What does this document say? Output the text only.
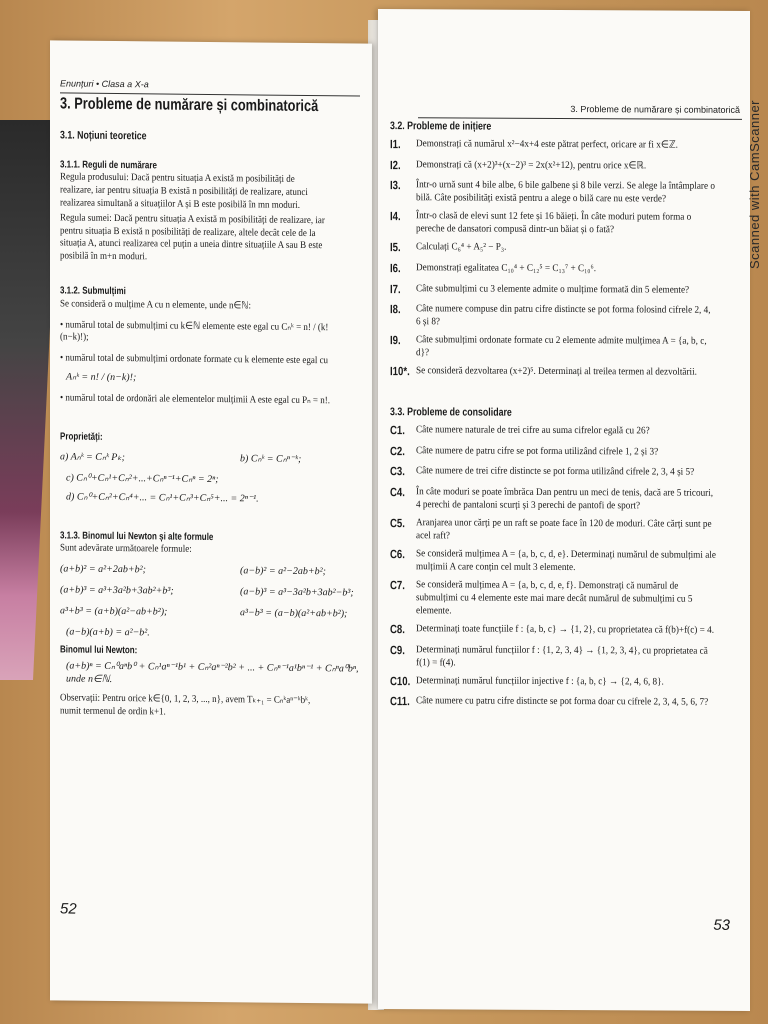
Enunțuri • Clasa a X-a
3. Probleme de numărare și combinatorică
3.1. Noțiuni teoretice
3.1.1. Reguli de numărare
Regula produsului: Dacă pentru situația A există m posibilități de realizare, iar pentru situația B există n posibilități de realizare, atunci realizarea simultană a situațiilor A și B este posibilă în mn moduri.
Regula sumei: Dacă pentru situația A există m posibilități de realizare, iar pentru situația B există n posibilități de realizare, altele decât cele de la situația A, atunci realizarea cel puțin a uneia dintre situațiile A sau B este posibilă în m+n moduri.
3.1.2. Submulțimi
Se consideră o mulțime A cu n elemente, unde n∈ℕ:
• numărul total de submulțimi cu k∈ℕ elemente este egal cu Cₙᵏ = n! / (k!(n−k)!);
• numărul total de submulțimi ordonate formate cu k elemente este egal cu
Aₙᵏ = n! / (n−k)!;
• numărul total de ordonări ale elementelor mulțimii A este egal cu Pₙ = n!.
Proprietăți:
a) Aₙᵏ = Cₙᵏ Pₖ;	b) Cₙᵏ = Cₙⁿ⁻ᵏ;
c) Cₙ⁰+Cₙ¹+Cₙ²+...+Cₙⁿ⁻¹+Cₙⁿ = 2ⁿ;
d) Cₙ⁰+Cₙ²+Cₙ⁴+... = Cₙ¹+Cₙ³+Cₙ⁵+... = 2ⁿ⁻¹.
3.1.3. Binomul lui Newton și alte formule
Sunt adevărate următoarele formule:
(a+b)² = a²+2ab+b²;	(a−b)² = a²−2ab+b²;
(a+b)³ = a³+3a²b+3ab²+b³;	(a−b)³ = a³−3a²b+3ab²−b³;
a³+b³ = (a+b)(a²−ab+b²);	a³−b³ = (a−b)(a²+ab+b²);
(a−b)(a+b) = a²−b².
Binomul lui Newton:
(a+b)ⁿ = Cₙ⁰aⁿb⁰ + Cₙ¹aⁿ⁻¹b¹ + Cₙ²aⁿ⁻²b² + ... + Cₙⁿ⁻¹a¹bⁿ⁻¹ + Cₙⁿa⁰bⁿ, unde n∈ℕ.
Observații: Pentru orice k∈{0, 1, 2, 3, ..., n}, avem Tₖ₊₁ = Cₙᵏaⁿ⁻ᵏbᵏ, numit termenul de ordin k+1.
52
3. Probleme de numărare și combinatorică
3.2. Probleme de inițiere
I1.	Demonstrați că numărul x²−4x+4 este pătrat perfect, oricare ar fi x∈ℤ.
I2.	Demonstrați că (x+2)³+(x−2)³ = 2x(x²+12), pentru orice x∈ℝ.
I3.	Într-o urnă sunt 4 bile albe, 6 bile galbene și 8 bile verzi. Se alege la întâmplare o bilă. Câte posibilități există pentru a alege o bilă care nu este verde?
I4.	Într-o clasă de elevi sunt 12 fete și 16 băieți. În câte moduri putem forma o pereche de dansatori compusă dintr-un băiat și o fată?
I5.	Calculați C₆⁴ + A₅² − P₃.
I6.	Demonstrați egalitatea C₁₀⁴ + C₁₂⁵ = C₁₃⁷ + C₁₀⁶.
I7.	Câte submulțimi cu 3 elemente admite o mulțime formată din 5 elemente?
I8.	Câte numere compuse din patru cifre distincte se pot forma folosind cifrele 2, 4, 6 și 8?
I9.	Câte submulțimi ordonate formate cu 2 elemente admite mulțimea A = {a, b, c, d}?
I10*. Se consideră dezvoltarea (x+2)⁵. Determinați al treilea termen al dezvoltării.
3.3. Probleme de consolidare
C1.	Câte numere naturale de trei cifre au suma cifrelor egală cu 26?
C2.	Câte numere de patru cifre se pot forma utilizând cifrele 1, 2 și 3?
C3.	Câte numere de trei cifre distincte se pot forma utilizând cifrele 2, 3, 4 și 5?
C4.	În câte moduri se poate îmbrăca Dan pentru un meci de tenis, dacă are 5 tricouri, 4 perechi de pantaloni scurți și 3 perechi de pantofi de sport?
C5.	Aranjarea unor cărți pe un raft se poate face în 120 de moduri. Câte cărți sunt pe acel raft?
C6.	Se consideră mulțimea A = {a, b, c, d, e}. Determinați numărul de submulțimi ale mulțimii A care conțin cel mult 3 elemente.
C7.	Se consideră mulțimea A = {a, b, c, d, e, f}. Demonstrați că numărul de submulțimi cu 4 elemente este mai mare decât numărul de submulțimi cu 5 elemente.
C8.	Determinați toate funcțiile f : {a, b, c} → {1, 2}, cu proprietatea că f(b)+f(c) = 4.
C9.	Determinați numărul funcțiilor f : {1, 2, 3, 4} → {1, 2, 3, 4}, cu proprietatea că f(1) = f(4).
C10. Determinați numărul funcțiilor injective f : {a, b, c} → {2, 4, 6, 8}.
C11. Câte numere cu patru cifre distincte se pot forma doar cu cifrele 2, 3, 4, 5, 6, 7?
53
Scanned with CamScanner
